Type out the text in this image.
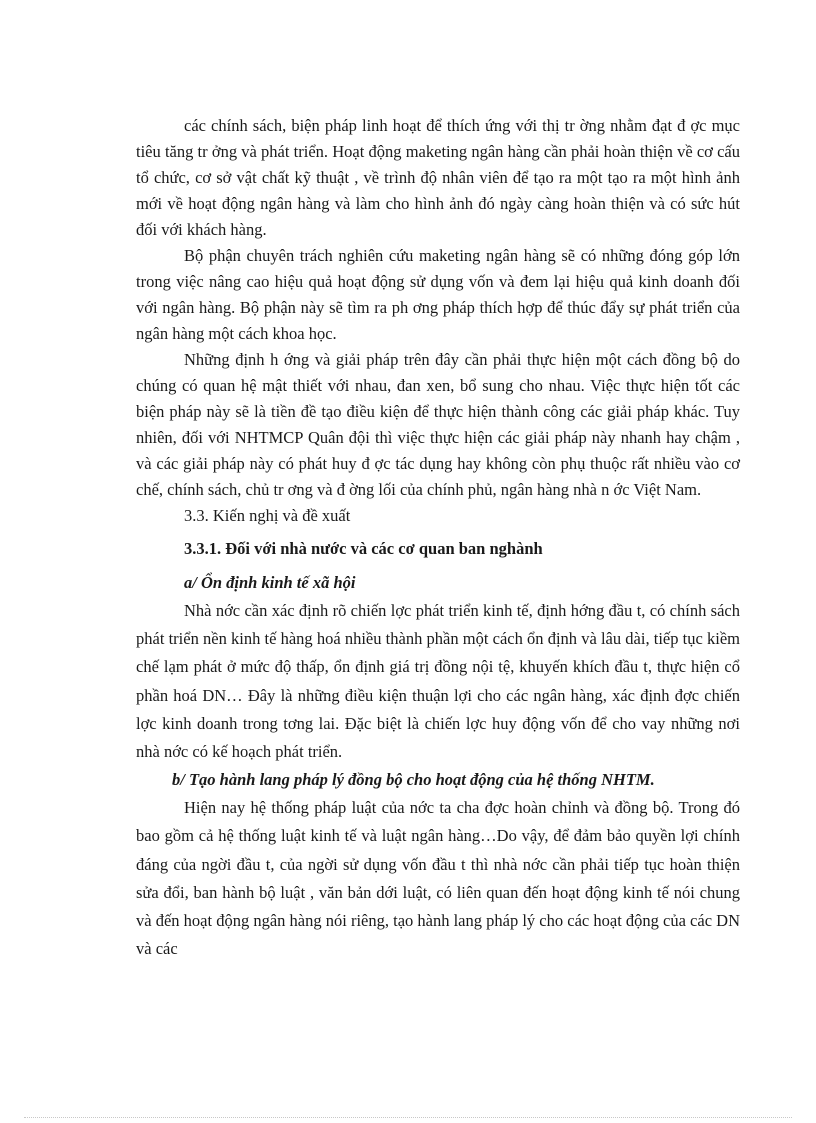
các chính sách, biện pháp linh hoạt để thích ứng với thị tr ờng nhằm đạt đ ợc mục tiêu tăng tr ởng và phát triển. Hoạt động maketing ngân hàng cần phải hoàn thiện về cơ cấu tổ chức, cơ sở vật chất kỹ thuật , về trình độ nhân viên để tạo ra một tạo ra một hình ảnh mới về hoạt động ngân hàng và làm cho hình ảnh đó ngày càng hoàn thiện và có sức hút đối với khách hàng.

Bộ phận chuyên trách nghiên cứu maketing ngân hàng sẽ có những đóng góp lớn trong việc nâng cao hiệu quả hoạt động sử dụng vốn và đem lại hiệu quả kinh doanh đối với ngân hàng. Bộ phận này sẽ tìm ra ph ơng pháp thích hợp để thúc đẩy sự phát triển của ngân hàng một cách khoa học.

Những định h ớng và giải pháp trên đây cần phải thực hiện một cách đồng bộ do chúng có quan hệ mật thiết với nhau, đan xen, bổ sung cho nhau. Việc thực hiện tốt các biện pháp này sẽ là tiền đề tạo điều kiện để thực hiện thành công các giải pháp khác. Tuy nhiên, đối với NHTMCP Quân đội thì việc thực hiện các giải pháp này nhanh hay chậm , và các giải pháp này có phát huy đ ợc tác dụng hay không còn phụ thuộc rất nhiều vào cơ chế, chính sách, chủ tr ơng và đ ờng lối của chính phủ, ngân hàng nhà n ớc Việt Nam.

3.3. Kiến nghị và đề xuất

3.3.1. Đối với nhà nước và các cơ quan ban nghành

a/ Ổn định kinh tế xã hội

Nhà nớc cần xác định rõ chiến lợc phát triển kinh tế, định hớng đầu t, có chính sách phát triển nền kinh tế hàng hoá nhiều thành phần một cách ổn định và lâu dài, tiếp tục kiềm chế lạm phát ở mức độ thấp, ổn định giá trị đồng nội tệ, khuyến khích đầu t, thực hiện cổ phần hoá DN… Đây là những điều kiện thuận lợi cho các ngân hàng, xác định đợc chiến lợc kinh doanh trong tơng lai. Đặc biệt là chiến lợc huy động vốn để cho vay những nơi nhà nớc có kế hoạch phát triển.

b/ Tạo hành lang pháp lý đồng bộ cho hoạt động của hệ thống NHTM.

Hiện nay hệ thống pháp luật của nớc ta cha đợc hoàn chỉnh và đồng bộ. Trong đó bao gồm cả hệ thống luật kinh tế và luật ngân hàng…Do vậy, để đảm bảo quyền lợi chính đáng của ngời đầu t, của ngời sử dụng vốn đầu t thì nhà nớc cần phải tiếp tục hoàn thiện sửa đổi, ban hành bộ luật , văn bản dới luật, có liên quan đến hoạt động kinh tế nói chung và đến hoạt động ngân hàng nói riêng, tạo hành lang pháp lý cho các hoạt động của các DN và các
